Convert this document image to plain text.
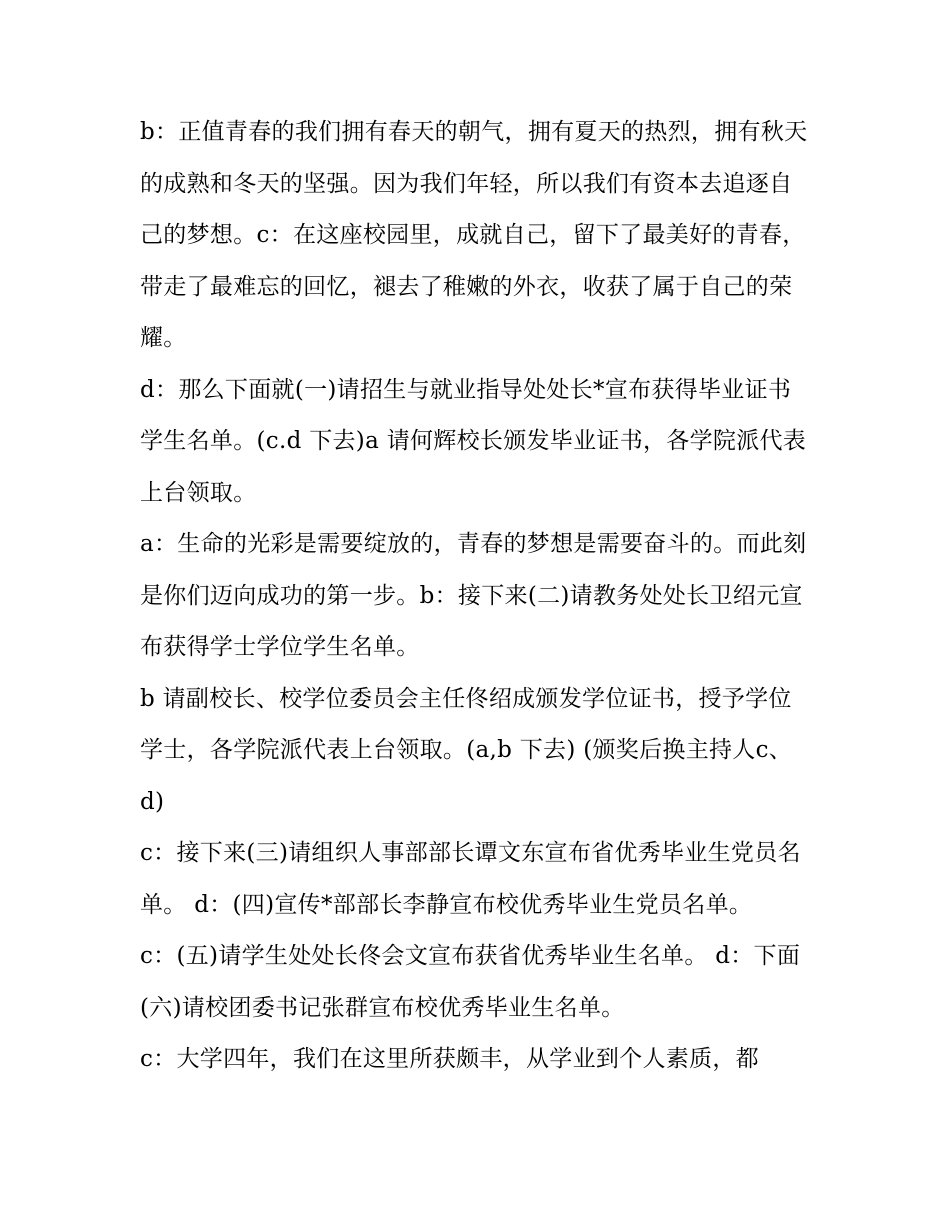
b：正值青春的我们拥有春天的朝气，拥有夏天的热烈，拥有秋天的成熟和冬天的坚强。因为我们年轻，所以我们有资本去追逐自己的梦想。c：在这座校园里，成就自己，留下了最美好的青春，带走了最难忘的回忆，褪去了稚嫩的外衣，收获了属于自己的荣耀。

d：那么下面就(一)请招生与就业指导处处长*宣布获得毕业证书学生名单。(c.d 下去)a 请何辉校长颁发毕业证书，各学院派代表上台领取。

a：生命的光彩是需要绽放的，青春的梦想是需要奋斗的。而此刻是你们迈向成功的第一步。b：接下来(二)请教务处处长卫绍元宣布获得学士学位学生名单。

b 请副校长、校学位委员会主任佟绍成颁发学位证书，授予学位学士，各学院派代表上台领取。(a,b 下去) (颁奖后换主持人c、d)

c：接下来(三)请组织人事部部长谭文东宣布省优秀毕业生党员名单。 d：(四)宣传*部部长李静宣布校优秀毕业生党员名单。

c：(五)请学生处处长佟会文宣布获省优秀毕业生名单。 d：下面(六)请校团委书记张群宣布校优秀毕业生名单。

c：大学四年，我们在这里所获颇丰，从学业到个人素质，都
